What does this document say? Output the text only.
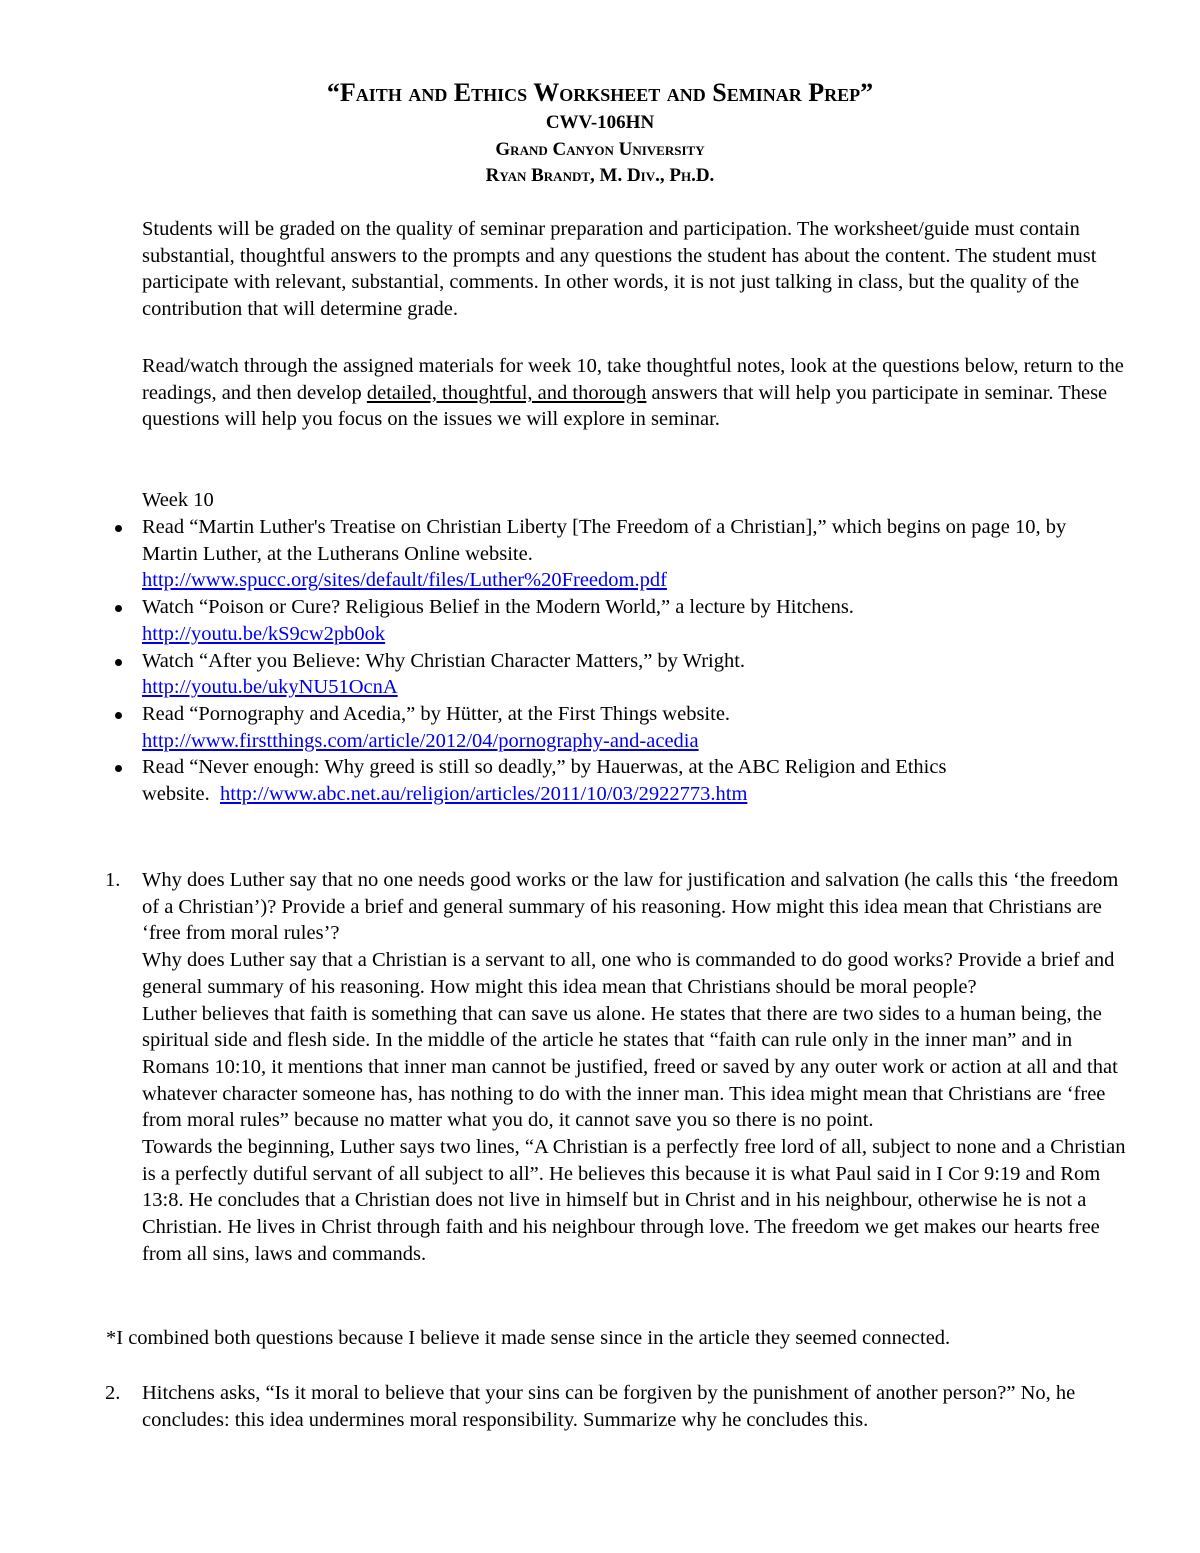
“Faith and Ethics Worksheet and Seminar Prep”
CWV-106HN
Grand Canyon University
Ryan Brandt, M. Div., Ph.D.

Students will be graded on the quality of seminar preparation and participation. The worksheet/guide must contain substantial, thoughtful answers to the prompts and any questions the student has about the content. The student must participate with relevant, substantial, comments. In other words, it is not just talking in class, but the quality of the contribution that will determine grade.

Read/watch through the assigned materials for week 10, take thoughtful notes, look at the questions below, return to the readings, and then develop detailed, thoughtful, and thorough answers that will help you participate in seminar. These questions will help you focus on the issues we will explore in seminar.

Week 10

Read “Martin Luther's Treatise on Christian Liberty [The Freedom of a Christian],” which begins on page 10, by Martin Luther, at the Lutherans Online website.
http://www.spucc.org/sites/default/files/Luther%20Freedom.pdf
Watch “Poison or Cure? Religious Belief in the Modern World,” a lecture by Hitchens.
http://youtu.be/kS9cw2pb0ok
Watch “After you Believe: Why Christian Character Matters,” by Wright.
http://youtu.be/ukyNU51OcnA
Read “Pornography and Acedia,” by Hütter, at the First Things website.
http://www.firstthings.com/article/2012/04/pornography-and-acedia
Read “Never enough: Why greed is still so deadly,” by Hauerwas, at the ABC Religion and Ethics website. http://www.abc.net.au/religion/articles/2011/10/03/2922773.htm
1. Why does Luther say that no one needs good works or the law for justification and salvation (he calls this ‘the freedom of a Christian’)? Provide a brief and general summary of his reasoning. How might this idea mean that Christians are ‘free from moral rules’?

Why does Luther say that a Christian is a servant to all, one who is commanded to do good works? Provide a brief and general summary of his reasoning. How might this idea mean that Christians should be moral people?

Luther believes that faith is something that can save us alone. He states that there are two sides to a human being, the spiritual side and flesh side. In the middle of the article he states that “faith can rule only in the inner man” and in Romans 10:10, it mentions that inner man cannot be justified, freed or saved by any outer work or action at all and that whatever character someone has, has nothing to do with the inner man. This idea might mean that Christians are ‘free from moral rules” because no matter what you do, it cannot save you so there is no point.

Towards the beginning, Luther says two lines, “A Christian is a perfectly free lord of all, subject to none and a Christian is a perfectly dutiful servant of all subject to all”. He believes this because it is what Paul said in I Cor 9:19 and Rom 13:8. He concludes that a Christian does not live in himself but in Christ and in his neighbour, otherwise he is not a Christian. He lives in Christ through faith and his neighbour through love. The freedom we get makes our hearts free from all sins, laws and commands.

*I combined both questions because I believe it made sense since in the article they seemed connected.

2. Hitchens asks, “Is it moral to believe that your sins can be forgiven by the punishment of another person?” No, he concludes: this idea undermines moral responsibility. Summarize why he concludes this.
